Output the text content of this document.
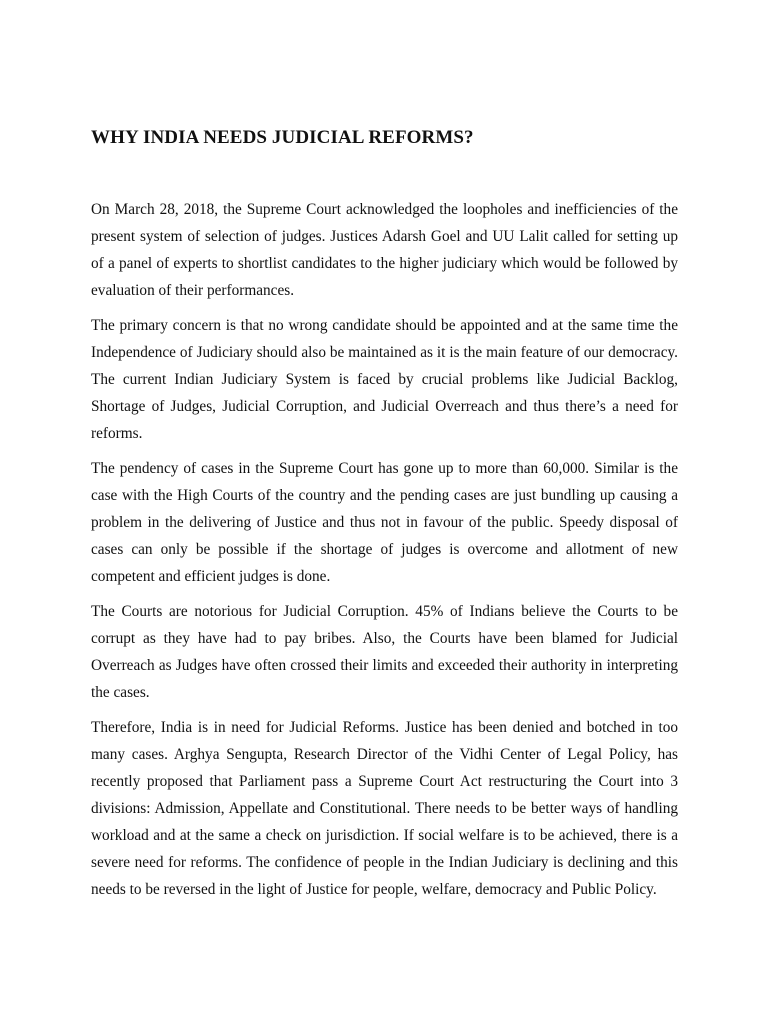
WHY INDIA NEEDS JUDICIAL REFORMS?

On March 28, 2018, the Supreme Court acknowledged the loopholes and inefficiencies of the present system of selection of judges. Justices Adarsh Goel and UU Lalit called for setting up of a panel of experts to shortlist candidates to the higher judiciary which would be followed by evaluation of their performances.

The primary concern is that no wrong candidate should be appointed and at the same time the Independence of Judiciary should also be maintained as it is the main feature of our democracy. The current Indian Judiciary System is faced by crucial problems like Judicial Backlog, Shortage of Judges, Judicial Corruption, and Judicial Overreach and thus there’s a need for reforms.

The pendency of cases in the Supreme Court has gone up to more than 60,000. Similar is the case with the High Courts of the country and the pending cases are just bundling up causing a problem in the delivering of Justice and thus not in favour of the public. Speedy disposal of cases can only be possible if the shortage of judges is overcome and allotment of new competent and efficient judges is done.

The Courts are notorious for Judicial Corruption. 45% of Indians believe the Courts to be corrupt as they have had to pay bribes. Also, the Courts have been blamed for Judicial Overreach as Judges have often crossed their limits and exceeded their authority in interpreting the cases.

Therefore, India is in need for Judicial Reforms. Justice has been denied and botched in too many cases. Arghya Sengupta, Research Director of the Vidhi Center of Legal Policy, has recently proposed that Parliament pass a Supreme Court Act restructuring the Court into 3 divisions: Admission, Appellate and Constitutional. There needs to be better ways of handling workload and at the same a check on jurisdiction. If social welfare is to be achieved, there is a severe need for reforms. The confidence of people in the Indian Judiciary is declining and this needs to be reversed in the light of Justice for people, welfare, democracy and Public Policy.
